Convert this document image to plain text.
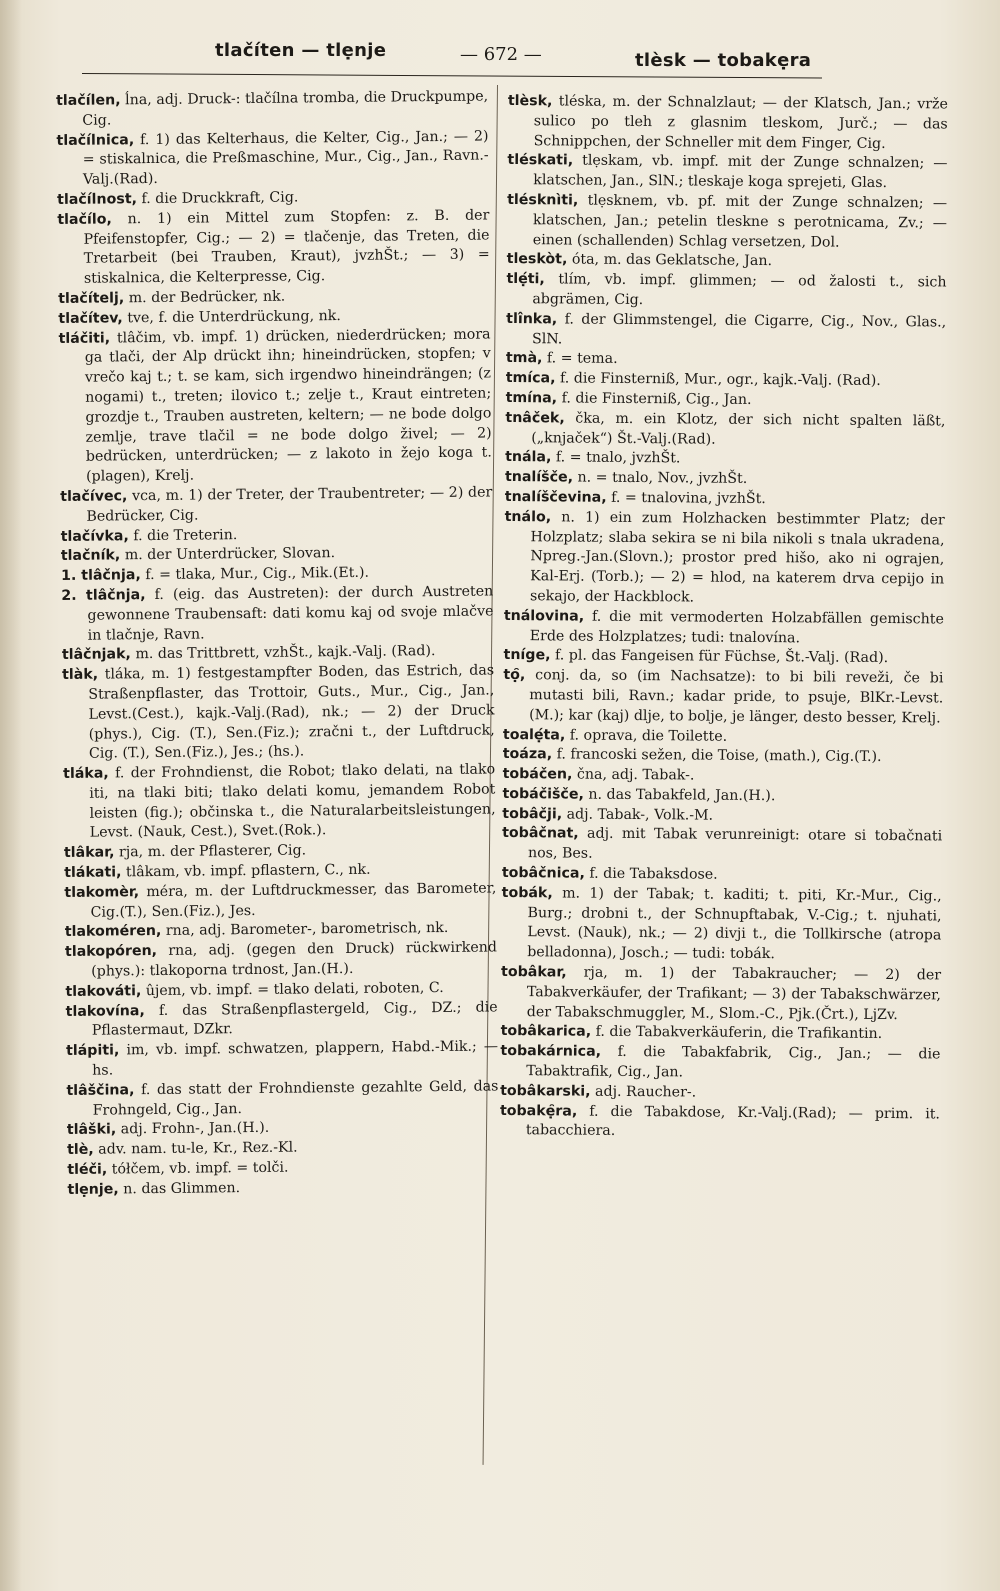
tlačíten — tlẹnje	— 672 —	tlèsk — tobakẹra

tlačílen, ĺna, adj. Druck-: tlačílna tromba, die Druckpumpe, Cig.

tlačílnica, f. 1) das Kelterhaus, die Kelter, Cig., Jan.; — 2) = stiskalnica, die Preßmaschine, Mur., Cig., Jan., Ravn.-Valj.(Rad).

tlačílnost, f. die Druckkraft, Cig.

tlačílo, n. 1) ein Mittel zum Stopfen: z. B. der Pfeifenstopfer, Cig.; — 2) = tlačenje, das Treten, die Tretarbeit (bei Trauben, Kraut), jvzhŠt.; — 3) = stiskalnica, die Kelterpresse, Cig.

tlačítelj, m. der Bedrücker, nk.

tlačítev, tve, f. die Unterdrückung, nk.

tláčiti, tlâčim, vb. impf. 1) drücken, niederdrücken; mora ga tlači, der Alp drückt ihn; hineindrücken, stopfen; v vrečo kaj t.; t. se kam, sich irgendwo hineindrängen; (z nogami) t., treten; ilovico t.; zelje t., Kraut eintreten; grozdje t., Trauben austreten, keltern; — ne bode dolgo zemlje, trave tlačil = ne bode dolgo živel; — 2) bedrücken, unterdrücken; — z lakoto in žejo koga t. (plagen), Krelj.

tlačívec, vca, m. 1) der Treter, der Traubentreter; — 2) der Bedrücker, Cig.

tlačívka, f. die Treterin.

tlačník, m. der Unterdrücker, Slovan.

1. tlâčnja, f. = tlaka, Mur., Cig., Mik.(Et.).

2. tlâčnja, f. (eig. das Austreten): der durch Austreten gewonnene Traubensaft: dati komu kaj od svoje mlačve in tlačnje, Ravn.

tlâčnjak, m. das Trittbrett, vzhŠt., kajk.-Valj. (Rad).

tlàk, tláka, m. 1) festgestampfter Boden, das Estrich, das Straßenpflaster, das Trottoir, Guts., Mur., Cig., Jan., Levst.(Cest.), kajk.-Valj.(Rad), nk.; — 2) der Druck (phys.), Cig. (T.), Sen.(Fiz.); zračni t., der Luftdruck, Cig. (T.), Sen.(Fiz.), Jes.; (hs.).

tláka, f. der Frohndienst, die Robot; tlako delati, na tlako iti, na tlaki biti; tlako delati komu, jemandem Robot leisten (fig.); občinska t., die Naturalarbeitsleistungen, Levst. (Nauk, Cest.), Svet.(Rok.).

tlâkar, rja, m. der Pflasterer, Cig.

tlákati, tlâkam, vb. impf. pflastern, C., nk.

tlakomèr, méra, m. der Luftdruckmesser, das Barometer, Cig.(T.), Sen.(Fiz.), Jes.

tlakoméren, rna, adj. Barometer-, barometrisch, nk.

tlakopóren, rna, adj. (gegen den Druck) rückwirkend (phys.): tlakoporna trdnost, Jan.(H.).

tlakováti, ûjem, vb. impf. = tlako delati, roboten, C.

tlakovína, f. das Straßenpflastergeld, Cig., DZ.; die Pflastermaut, DZkr.

tlápiti, im, vb. impf. schwatzen, plappern, Habd.-Mik.; — hs.

tlâščina, f. das statt der Frohndienste gezahlte Geld, das Frohngeld, Cig., Jan.

tlâški, adj. Frohn-, Jan.(H.).

tlè, adv. nam. tu-le, Kr., Rez.-Kl.

tléči, tółčem, vb. impf. = tolči.

tlẹnje, n. das Glimmen.

tlèsk, tléska, m. der Schnalzlaut; — der Klatsch, Jan.; vrže sulico po tleh z glasnim tleskom, Jurč.; — das Schnippchen, der Schneller mit dem Finger, Cig.

tléskati, tlẹskam, vb. impf. mit der Zunge schnalzen; — klatschen, Jan., SlN.; tleskaje koga sprejeti, Glas.

tlésknìti, tlẹsknem, vb. pf. mit der Zunge schnalzen; — klatschen, Jan.; petelin tleskne s perotnicama, Zv.; — einen (schallenden) Schlag versetzen, Dol.

tleskòt, óta, m. das Geklatsche, Jan.

tlẹ́ti, tlím, vb. impf. glimmen; — od žalosti t., sich abgrämen, Cig.

tlînka, f. der Glimmstengel, die Cigarre, Cig., Nov., Glas., SlN.

tmà, f. = tema.

tmíca, f. die Finsterniß, Mur., ogr., kajk.-Valj. (Rad).

tmína, f. die Finsterniß, Cig., Jan.

tnâček, čka, m. ein Klotz, der sich nicht spalten läßt, („knjaček“) Št.-Valj.(Rad).

tnála, f. = tnalo, jvzhŠt.

tnalíšče, n. = tnalo, Nov., jvzhŠt.

tnalíščevina, f. = tnalovina, jvzhŠt.

tnálo, n. 1) ein zum Holzhacken bestimmter Platz; der Holzplatz; slaba sekira se ni bila nikoli s tnala ukradena, Npreg.-Jan.(Slovn.); prostor pred hišo, ako ni ograjen, Kal-Erj. (Torb.); — 2) = hlod, na katerem drva cepijo in sekajo, der Hackblock.

tnálovina, f. die mit vermoderten Holzabfällen gemischte Erde des Holzplatzes; tudi: tnalovína.

tníge, f. pl. das Fangeisen für Füchse, Št.-Valj. (Rad).

tọ̑, conj. da, so (im Nachsatze): to bi bili reveži, če bi mutasti bili, Ravn.; kadar pride, to psuje, BlKr.-Levst.(M.); kar (kaj) dlje, to bolje, je länger, desto besser, Krelj.

toalẹ́ta, f. oprava, die Toilette.

toáza, f. francoski sežen, die Toise, (math.), Cig.(T.).

tobáčen, čna, adj. Tabak-.

tobáčišče, n. das Tabakfeld, Jan.(H.).

tobâčji, adj. Tabak-, Volk.-M.

tobâčnat, adj. mit Tabak verunreinigt: otare si tobačnati nos, Bes.

tobâčnica, f. die Tabaksdose.

tobák, m. 1) der Tabak; t. kaditi; t. piti, Kr.-Mur., Cig., Burg.; drobni t., der Schnupftabak, V.-Cig.; t. njuhati, Levst. (Nauk), nk.; — 2) divji t., die Tollkirsche (atropa belladonna), Josch.; — tudi: tobák.

tobâkar, rja, m. 1) der Tabakraucher; — 2) der Tabakverkäufer, der Trafikant; — 3) der Tabakschwärzer, der Tabakschmuggler, M., Slom.-C., Pjk.(Črt.), LjZv.

tobâkarica, f. die Tabakverkäuferin, die Trafikantin.

tobakárnica, f. die Tabakfabrik, Cig., Jan.; — die Tabaktrafik, Cig., Jan.

tobâkarski, adj. Raucher-.

tobakẹ̑ra, f. die Tabakdose, Kr.-Valj.(Rad); — prim. it. tabacchiera.
